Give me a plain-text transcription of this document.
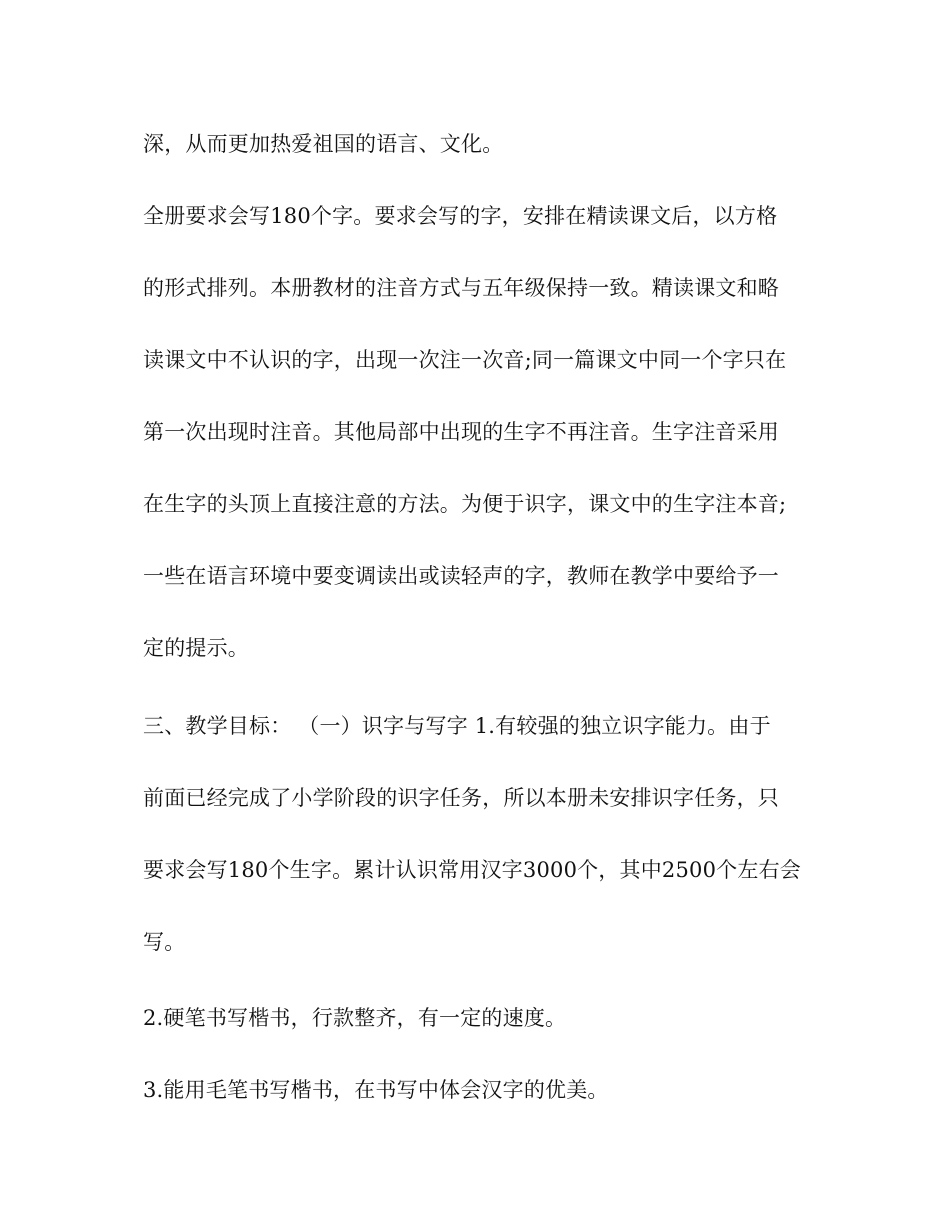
深，从而更加热爱祖国的语言、文化。
全册要求会写180个字。要求会写的字，安排在精读课文后，以方格
的形式排列。本册教材的注音方式与五年级保持一致。精读课文和略
读课文中不认识的字，出现一次注一次音;同一篇课文中同一个字只在
第一次出现时注音。其他局部中出现的生字不再注音。生字注音采用
在生字的头顶上直接注意的方法。为便于识字，课文中的生字注本音;
一些在语言环境中要变调读出或读轻声的字，教师在教学中要给予一
定的提示。
三、教学目标： （一）识字与写字 1.有较强的独立识字能力。由于
前面已经完成了小学阶段的识字任务，所以本册未安排识字任务，只
要求会写180个生字。累计认识常用汉字3000个，其中2500个左右会
写。
2.硬笔书写楷书，行款整齐，有一定的速度。
3.能用毛笔书写楷书，在书写中体会汉字的优美。
